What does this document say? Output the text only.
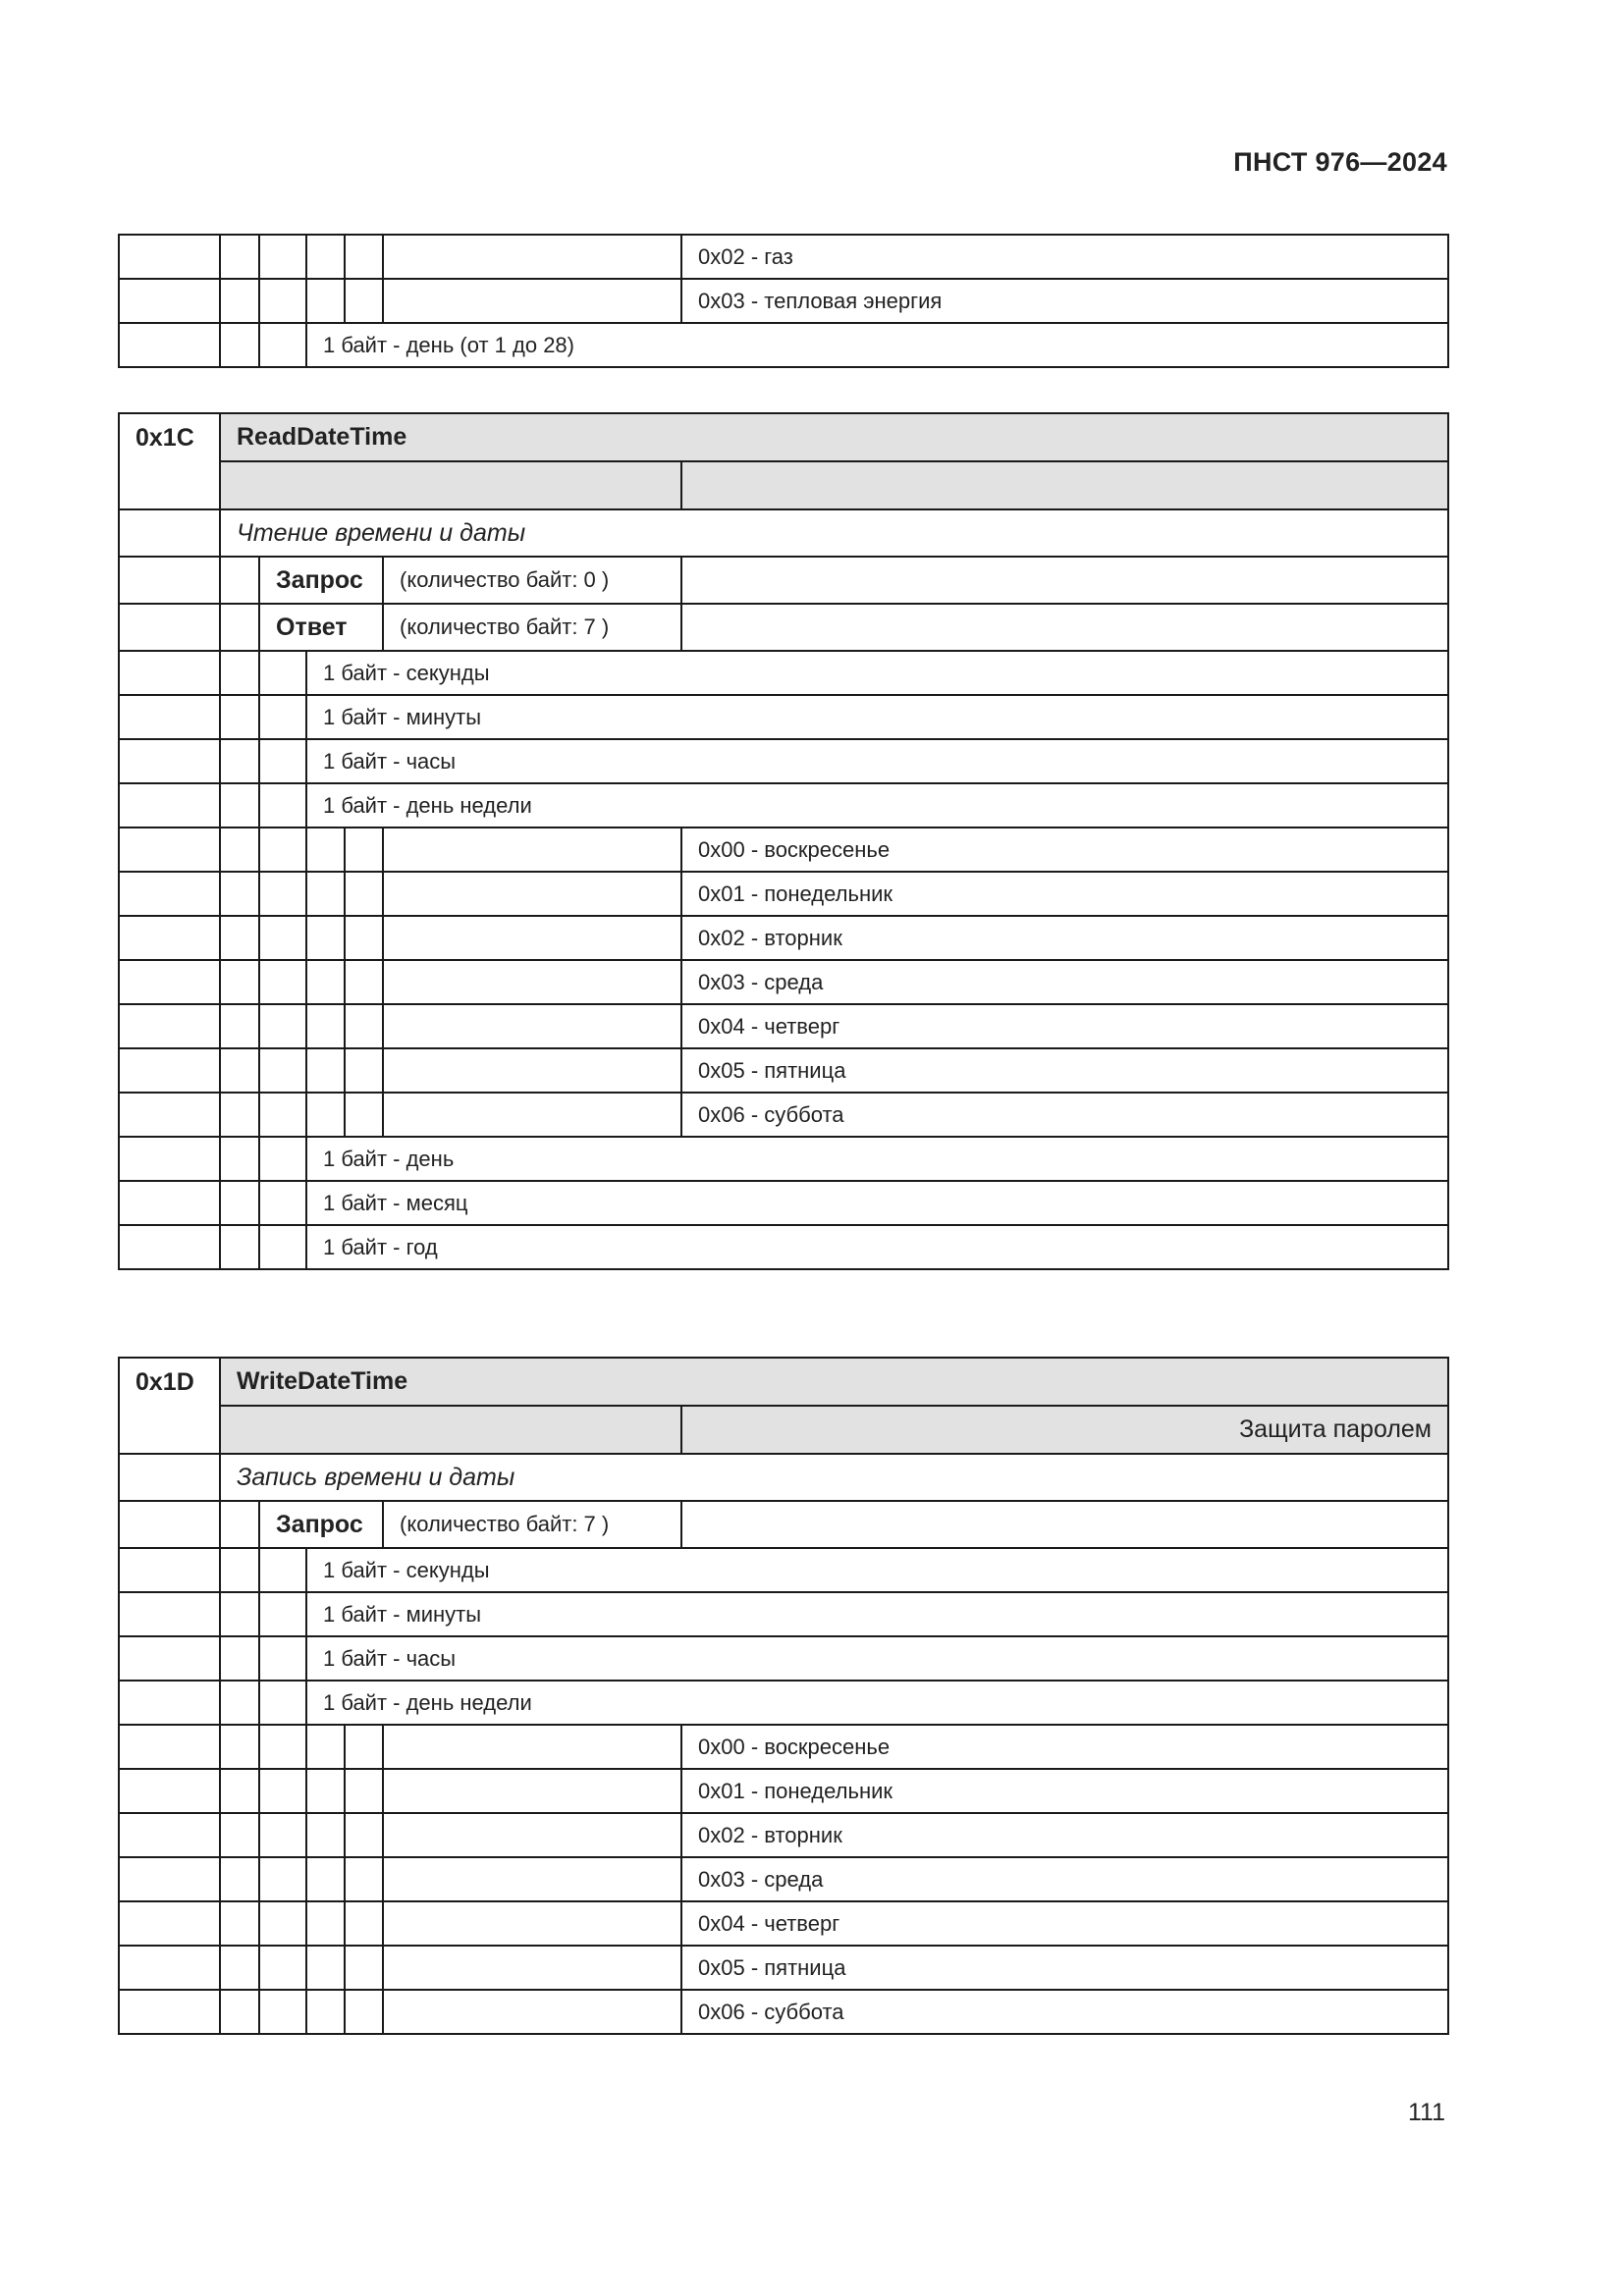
ПНСТ 976—2024
						0x02 - газ
						0x03 - тепловая энергия
			1 байт - день (от 1 до 28)			
0x1C	ReadDateTime					

	Чтение времени и даты					
		Запрос			(количество байт: 0 )	
		Ответ			(количество байт: 7 )	
			1 байт - секунды			
			1 байт - минуты			
			1 байт - часы			
			1 байт - день недели			
						0x00 - воскресенье
						0x01 - понедельник
						0x02 - вторник
						0x03 - среда
						0x04 - четверг
						0x05 - пятница
						0x06 - суббота
			1 байт - день			
			1 байт - месяц			
			1 байт - год			
0x1D	WriteDateTime					
						Защита паролем
	Запись времени и даты					
		Запрос			(количество байт: 7 )	
			1 байт - секунды			
			1 байт - минуты			
			1 байт - часы			
			1 байт - день недели			
						0x00 - воскресенье
						0x01 - понедельник
						0x02 - вторник
						0x03 - среда
						0x04 - четверг
						0x05 - пятница
						0x06 - суббота
111
